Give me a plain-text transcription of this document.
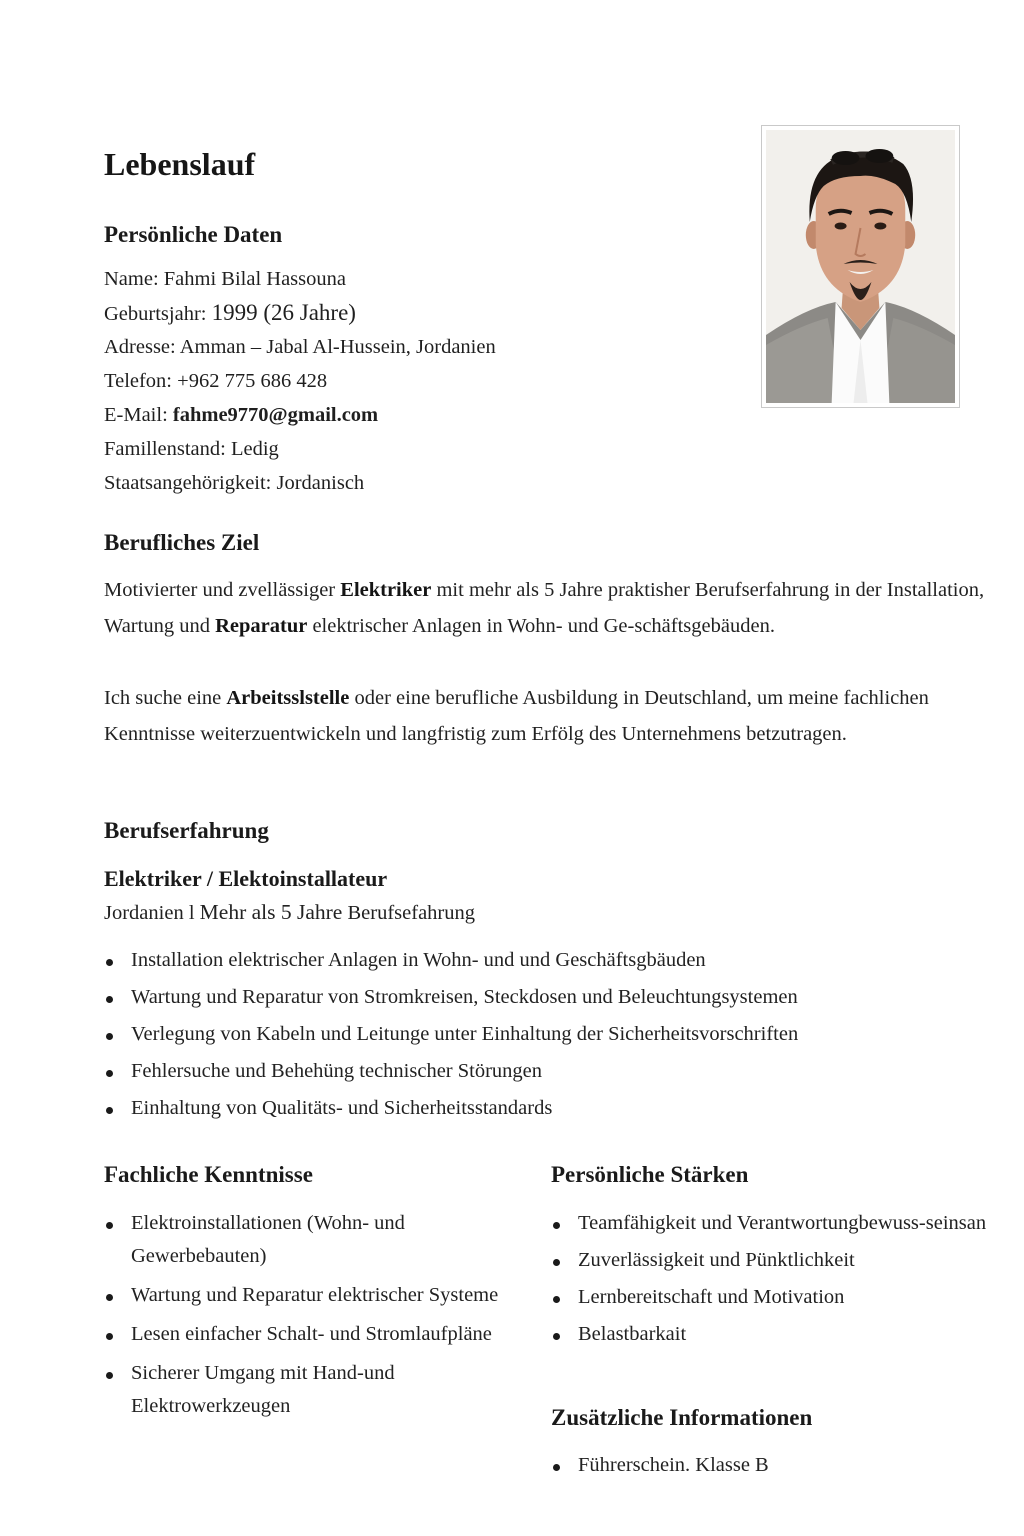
Lebenslauf
Persönliche Daten
Name: Fahmi Bilal Hassouna
Geburtsjahr: 1999 (26 Jahre)
Adresse: Amman – Jabal Al-Hussein, Jordanien
Telefon: +962 775 686 428
E-Mail: fahme9770@gmail.com
Famillenstand: Ledig
Staatsangehörigkeit: Jordanisch
Berufliches Ziel
Motivierter und zvellässiger Elektriker mit mehr als 5 Jahre praktisher Berufserfahrung in der Installation, Wartung und Reparatur elektrischer Anlagen in Wohn- und Ge-schäftsgebäuden.
Ich suche eine Arbeitsslstelle oder eine berufliche Ausbildung in Deutschland, um meine fachlichen Kenntnisse weiterzuentwickeln und langfristig zum Erfölg des Unternehmens betzutragen.
Berufserfahrung
Elektriker / Elektoinstallateur
Jordanien l Mehr als 5 Jahre Berufsefahrung
Installation elektrischer Anlagen in Wohn- und und Geschäftsgbäuden
Wartung und Reparatur von Stromkreisen, Steckdosen und Beleuchtungsystemen
Verlegung von Kabeln und Leitunge unter Einhaltung der Sicherheitsvorschriften
Fehlersuche und Behehüng technischer Störungen
Einhaltung von Qualitäts- und Sicherheitsstandards
Fachliche Kenntnisse
Elektroinstallationen (Wohn- und Gewerbebauten)
Wartung und Reparatur elektrischer Systeme
Lesen einfacher Schalt- und Stromlaufpläne
Sicherer Umgang mit Hand-und Elektrowerkzeugen
Persönliche Stärken
Teamfähigkeit und Verantwortungbewuss-seinsan
Zuverlässigkeit und Pünktlichkeit
Lernbereitschaft und Motivation
Belastbarkait
Zusätzliche Informationen
Führerschein. Klasse B
